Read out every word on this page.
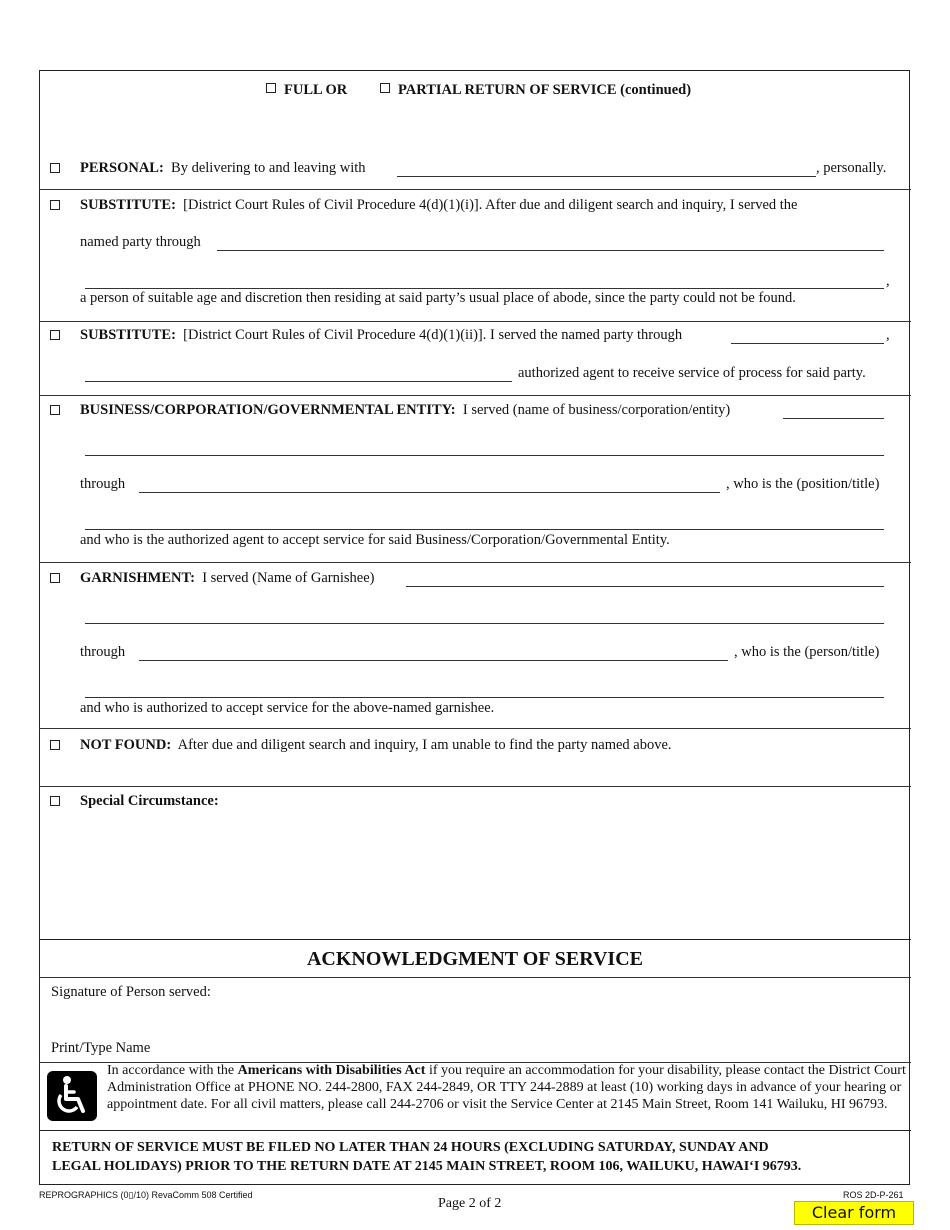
FULL OR	PARTIAL RETURN OF SERVICE (continued)
PERSONAL: By delivering to and leaving with	, personally.
SUBSTITUTE: [District Court Rules of Civil Procedure 4(d)(1)(i)]. After due and diligent search and inquiry, I served the
named party through
,
a person of suitable age and discretion then residing at said party’s usual place of abode, since the party could not be found.
SUBSTITUTE: [District Court Rules of Civil Procedure 4(d)(1)(ii)]. I served the named party through	,
authorized agent to receive service of process for said party.
BUSINESS/CORPORATION/GOVERNMENTAL ENTITY: I served (name of business/corporation/entity)
through	, who is the (position/title)
and who is the authorized agent to accept service for said Business/Corporation/Governmental Entity.
GARNISHMENT: I served (Name of Garnishee)
through	, who is the (person/title)
and who is authorized to accept service for the above-named garnishee.
NOT FOUND: After due and diligent search and inquiry, I am unable to find the party named above.
Special Circumstance:
ACKNOWLEDGMENT OF SERVICE
Signature of Person served:
Print/Type Name
In accordance with the Americans with Disabilities Act if you require an accommodation for your disability, please contact the District Court Administration Office at PHONE NO. 244-2800, FAX 244-2849, OR TTY 244-2889 at least (10) working days in advance of your hearing or appointment date. For all civil matters, please call 244-2706 or visit the Service Center at 2145 Main Street, Room 141 Wailuku, HI 96793.
RETURN OF SERVICE MUST BE FILED NO LATER THAN 24 HOURS (EXCLUDING SATURDAY, SUNDAY AND
LEGAL HOLIDAYS) PRIOR TO THE RETURN DATE AT 2145 MAIN STREET, ROOM 106, WAILUKU, HAWAI‘I 96793.
REPROGRAPHICS (0▯/10) RevaComm 508 Certified
Page 2 of 2
ROS 2D-P-261
Clear form
